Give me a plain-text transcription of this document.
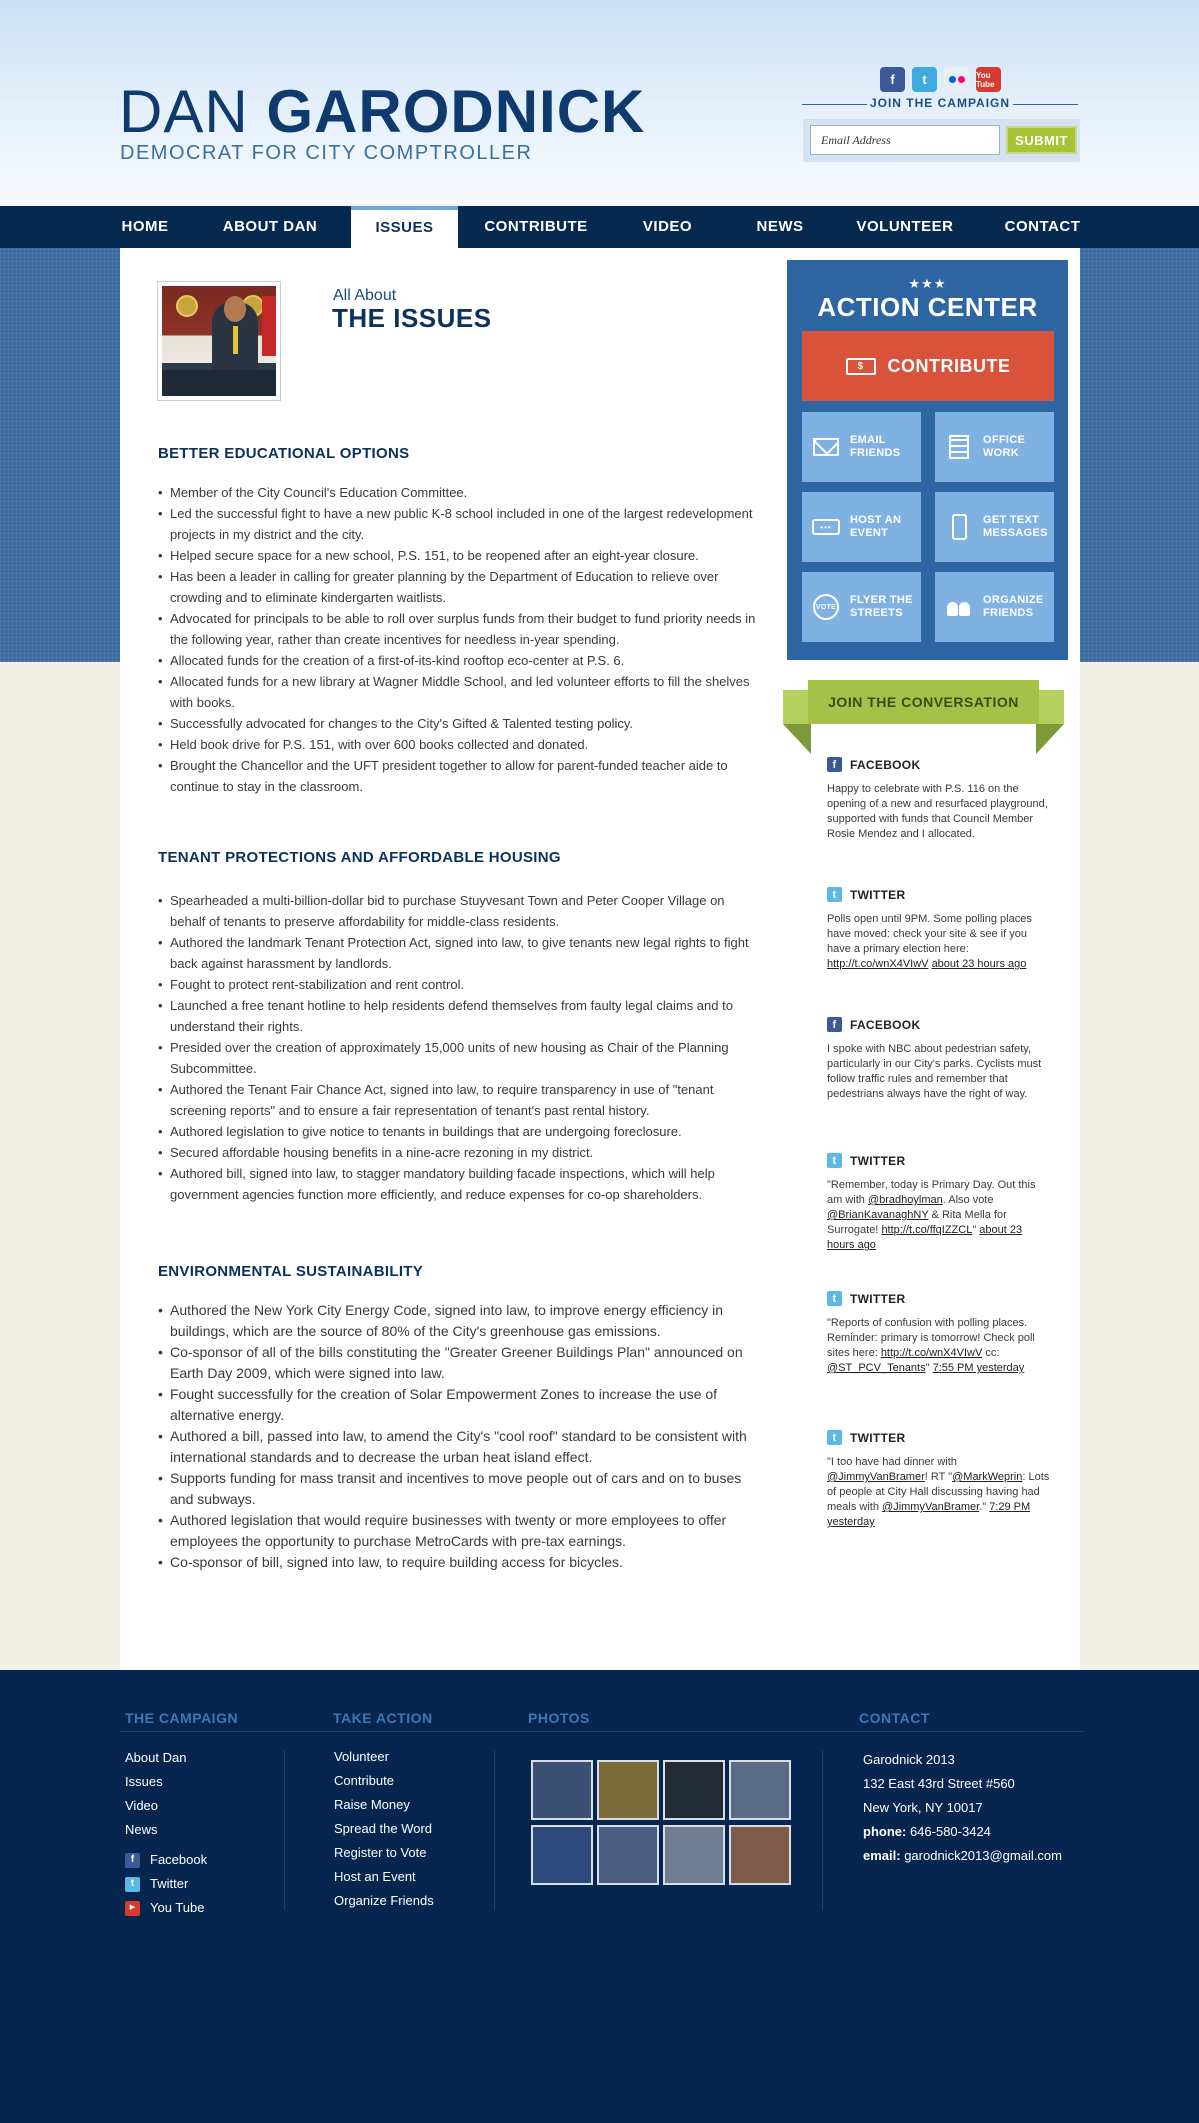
DAN GARODNICK
DEMOCRAT FOR CITY COMPTROLLER
f	t	You Tube
JOIN THE CAMPAIGN
Email Address
SUBMIT
HOME	ABOUT DAN	ISSUES	CONTRIBUTE	VIDEO	NEWS	VOLUNTEER	CONTACT
All About
THE ISSUES
BETTER EDUCATIONAL OPTIONS
• Member of the City Council's Education Committee.
• Led the successful fight to have a new public K-8 school included in one of the largest redevelopment projects in my district and the city.
• Helped secure space for a new school, P.S. 151, to be reopened after an eight-year closure.
• Has been a leader in calling for greater planning by the Department of Education to relieve over crowding and to eliminate kindergarten waitlists.
• Advocated for principals to be able to roll over surplus funds from their budget to fund priority needs in the following year, rather than create incentives for needless in-year spending.
• Allocated funds for the creation of a first-of-its-kind rooftop eco-center at P.S. 6.
• Allocated funds for a new library at Wagner Middle School, and led volunteer efforts to fill the shelves with books.
• Successfully advocated for changes to the City's Gifted & Talented testing policy.
• Held book drive for P.S. 151, with over 600 books collected and donated.
• Brought the Chancellor and the UFT president together to allow for parent-funded teacher aide to continue to stay in the classroom.
TENANT PROTECTIONS AND AFFORDABLE HOUSING
• Spearheaded a multi-billion-dollar bid to purchase Stuyvesant Town and Peter Cooper Village on behalf of tenants to preserve affordability for middle-class residents.
• Authored the landmark Tenant Protection Act, signed into law, to give tenants new legal rights to fight back against harassment by landlords.
• Fought to protect rent-stabilization and rent control.
• Launched a free tenant hotline to help residents defend themselves from faulty legal claims and to understand their rights.
• Presided over the creation of approximately 15,000 units of new housing as Chair of the Planning Subcommittee.
• Authored the Tenant Fair Chance Act, signed into law, to require transparency in use of "tenant screening reports" and to ensure a fair representation of tenant's past rental history.
• Authored legislation to give notice to tenants in buildings that are undergoing foreclosure.
• Secured affordable housing benefits in a nine-acre rezoning in my district.
• Authored bill, signed into law, to stagger mandatory building facade inspections, which will help government agencies function more efficiently, and reduce expenses for co-op shareholders.
ENVIRONMENTAL SUSTAINABILITY
• Authored the New York City Energy Code, signed into law, to improve energy efficiency in buildings, which are the source of 80% of the City's greenhouse gas emissions.
• Co-sponsor of all of the bills constituting the "Greater Greener Buildings Plan" announced on Earth Day 2009, which were signed into law.
• Fought successfully for the creation of Solar Empowerment Zones to increase the use of alternative energy.
• Authored a bill, passed into law, to amend the City's "cool roof" standard to be consistent with international standards and to decrease the urban heat island effect.
• Supports funding for mass transit and incentives to move people out of cars and on to buses and subways.
• Authored legislation that would require businesses with twenty or more employees to offer employees the opportunity to purchase MetroCards with pre-tax earnings.
• Co-sponsor of bill, signed into law, to require building access for bicycles.
★★★
ACTION CENTER
$	CONTRIBUTE
EMAIL FRIENDS
OFFICE WORK
•••
HOST AN EVENT
GET TEXT MESSAGES
VOTE
FLYER THE STREETS
ORGANIZE FRIENDS
JOIN THE CONVERSATION
f	FACEBOOK
Happy to celebrate with P.S. 116 on the opening of a new and resurfaced playground, supported with funds that Council Member Rosie Mendez and I allocated.
t	TWITTER
Polls open until 9PM. Some polling places have moved: check your site & see if you have a primary election here: http://t.co/wnX4VIwV about 23 hours ago
f	FACEBOOK
I spoke with NBC about pedestrian safety, particularly in our City's parks. Cyclists must follow traffic rules and remember that pedestrians always have the right of way.
t	TWITTER
"Remember, today is Primary Day. Out this am with @bradhoylman. Also vote @BrianKavanaghNY & Rita Mella for Surrogate! http://t.co/ffqIZZCL" about 23 hours ago
t	TWITTER
"Reports of confusion with polling places. Reminder: primary is tomorrow! Check poll sites here: http://t.co/wnX4VIwV cc: @ST_PCV_Tenants" 7:55 PM yesterday
t	TWITTER
"I too have had dinner with @JimmyVanBramer! RT "@MarkWeprin: Lots of people at City Hall discussing having had meals with @JimmyVanBramer." 7:29 PM yesterday
THE CAMPAIGN	TAKE ACTION	PHOTOS	CONTACT
About Dan
Issues
Video
News
f	Facebook
t	Twitter
▶	You Tube
Volunteer
Contribute
Raise Money
Spread the Word
Register to Vote
Host an Event
Organize Friends
Garodnick 2013
132 East 43rd Street #560
New York, NY 10017
phone: 646-580-3424
email: garodnick2013@gmail.com
